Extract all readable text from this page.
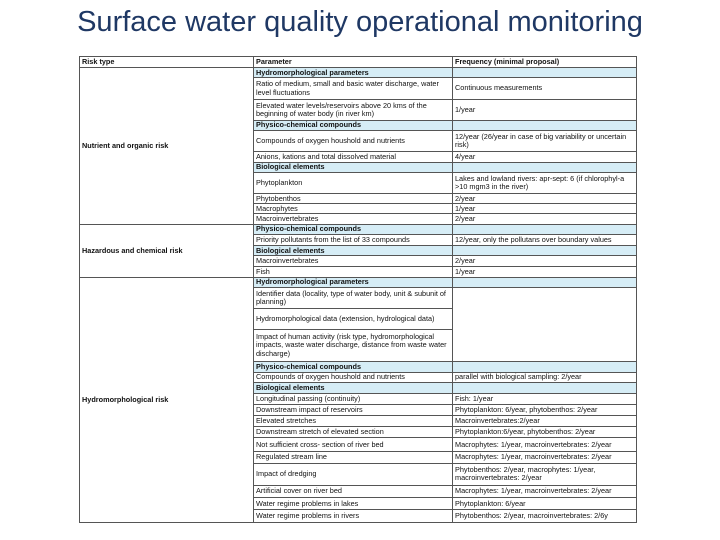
Surface water quality operational monitoring
Risk type	Parameter	Frequency (minimal proposal)
Nutrient and organic risk	Hydromorphological parameters	
	Ratio of medium, small and basic water discharge, water level fluctuations	Continuous measurements
	Elevated water levels/reservoirs above 20 kms of the beginning of water body (in river km)	1/year
	Physico-chemical compounds	
	Compounds of oxygen houshold and nutrients	12/year (26/year in case of big variability or uncertain risk)
	Anions, kations and total dissolved material	4/year
	Biological elements	
	Phytoplankton	Lakes and lowland rivers: apr-sept: 6 (if chlorophyl-a >10 mgm3 in the river)
	Phytobenthos	2/year
	Macrophytes	1/year
	Macroinvertebrates	2/year
Hazardous and chemical risk	Physico-chemical compounds	
	Priority pollutants from the list of 33 compounds	12/year, only the pollutans over boundary values
	Biological elements	
	Macroinvertebrates	2/year
	Fish	1/year
Hydromorphological risk	Hydromorphological parameters	
	Identifier data (locality, type of water body, unit & subunit of planning)	
	Hydromorphological data (extension, hydrological data)	
	Impact of human activity (risk type, hydromorphological impacts, waste water discharge, distance from waste water discharge)	
	Physico-chemical compounds	
	Compounds of oxygen houshold and nutrients	parallel with biological sampling: 2/year
	Biological elements	
	Longitudinal passing (continuity)	Fish: 1/year
	Downstream impact of reservoirs	Phytoplankton: 6/year, phytobenthos: 2/year
	Elevated stretches	Macroinvertebrates:2/year
	Downstream stretch of elevated section	Phytoplankton:6/year, phytobenthos: 2/year
	Not sufficient cross- section of river bed	Macrophytes: 1/year, macroinvertebrates: 2/year
	Regulated stream line	Macrophytes: 1/year, macroinvertebrates: 2/year
	Impact of dredging	Phytobenthos: 2/year, macrophytes: 1/year, macroinvertebrates: 2/year
	Artificial cover on river bed	Macrophytes: 1/year, macroinvertebrates: 2/year
	Water regime problems in lakes	Phytoplankton: 6/year
	Water regime problems in rivers	Phytobenthos: 2/year, macroinvertebrates: 2/6y
